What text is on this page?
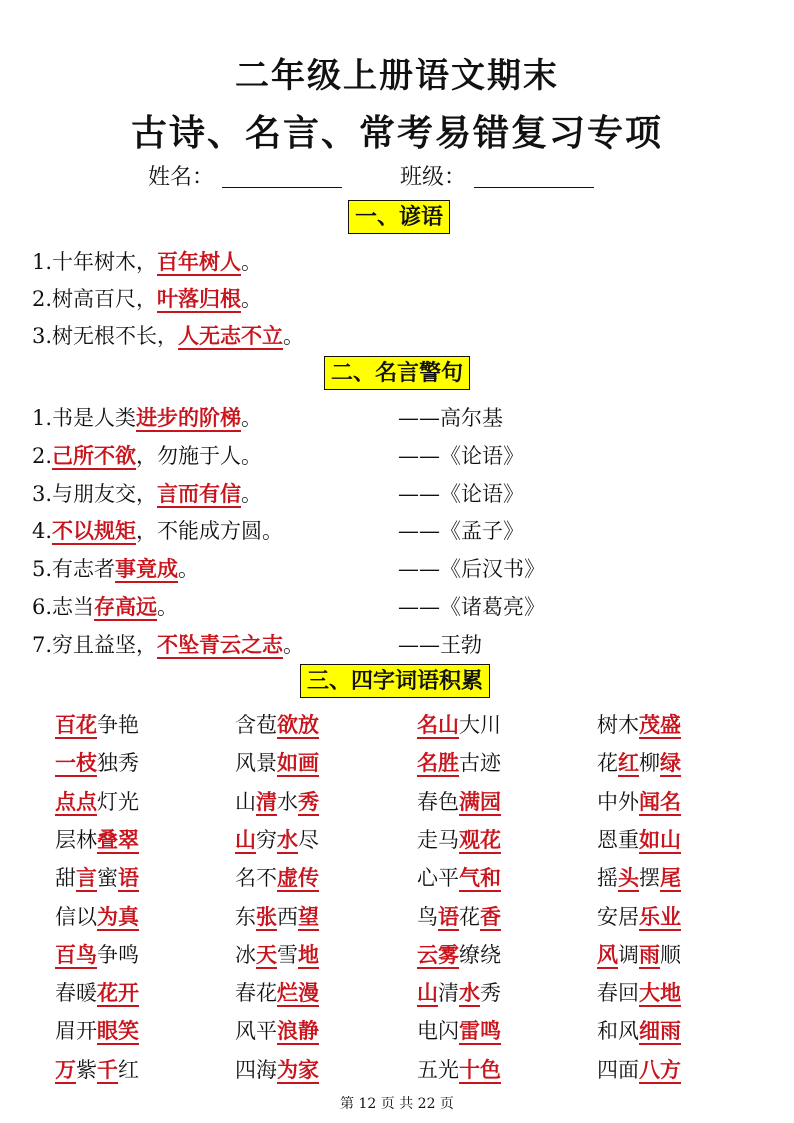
二年级上册语文期末
古诗、名言、常考易错复习专项
姓名：	班级：
一、谚语
1.十年树木，百年树人。
2.树高百尺，叶落归根。
3.树无根不长，人无志不立。
二、名言警句
1.书是人类进步的阶梯。	——高尔基
2.己所不欲，勿施于人。	——《论语》
3.与朋友交，言而有信。	——《论语》
4.不以规矩，不能成方圆。	——《孟子》
5.有志者事竟成。	——《后汉书》
6.志当存高远。	——《诸葛亮》
7.穷且益坚，不坠青云之志。	——王勃
三、四字词语积累
百花争艳	含苞欲放	名山大川	树木茂盛
一枝独秀	风景如画	名胜古迹	花红柳绿
点点灯光	山清水秀	春色满园	中外闻名
层林叠翠	山穷水尽	走马观花	恩重如山
甜言蜜语	名不虚传	心平气和	摇头摆尾
信以为真	东张西望	鸟语花香	安居乐业
百鸟争鸣	冰天雪地	云雾缭绕	风调雨顺
春暖花开	春花烂漫	山清水秀	春回大地
眉开眼笑	风平浪静	电闪雷鸣	和风细雨
万紫千红	四海为家	五光十色	四面八方
第 12 页 共 22 页
